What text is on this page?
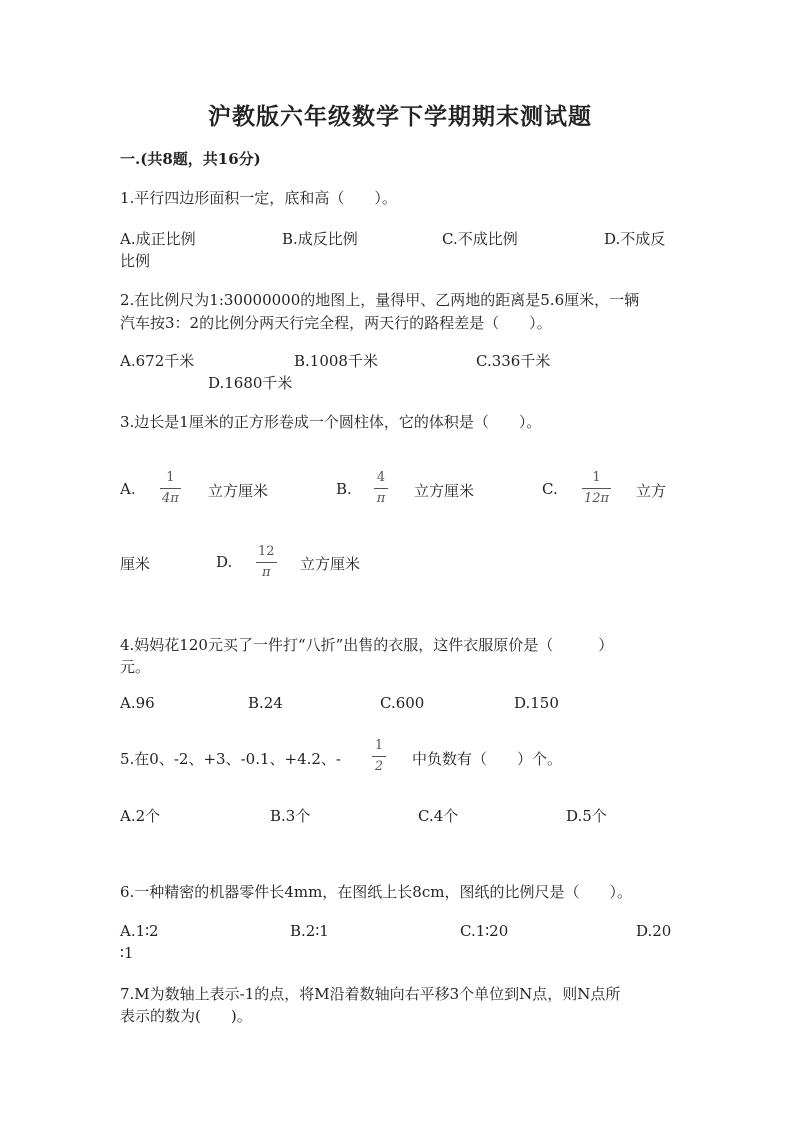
沪教版六年级数学下学期期末测试题
一.(共8题，共16分)
1.平行四边形面积一定，底和高（　　）。
A.成正比例	B.成反比例	C.不成比例	D.不成反
比例
2.在比例尺为1:30000000的地图上，量得甲、乙两地的距离是5.6厘米，一辆
汽车按3：2的比例分两天行完全程，两天行的路程差是（　　）。
A.672千米	B.1008千米	C.336千米
D.1680千米
3.边长是1厘米的正方形卷成一个圆柱体，它的体积是（　　）。
A.
1
4π 立方厘米	B.
4
π 立方厘米	C.
1
12π 立方
厘米	D.
12
π 立方厘米
4.妈妈花120元买了一件打“八折”出售的衣服，这件衣服原价是（　　　）
元。
A.96	B.24	C.600	D.150
5.在0、-2、+3、-0.1、+4.2、-
1
2 中负数有（　　）个。
A.2个	B.3个	C.4个	D.5个
6.一种精密的机器零件长4mm，在图纸上长8cm，图纸的比例尺是（　　）。
A.1∶2	B.2∶1	C.1∶20	D.20
∶1
7.M为数轴上表示-1的点，将M沿着数轴向右平移3个单位到N点，则N点所
表示的数为(　　)。
